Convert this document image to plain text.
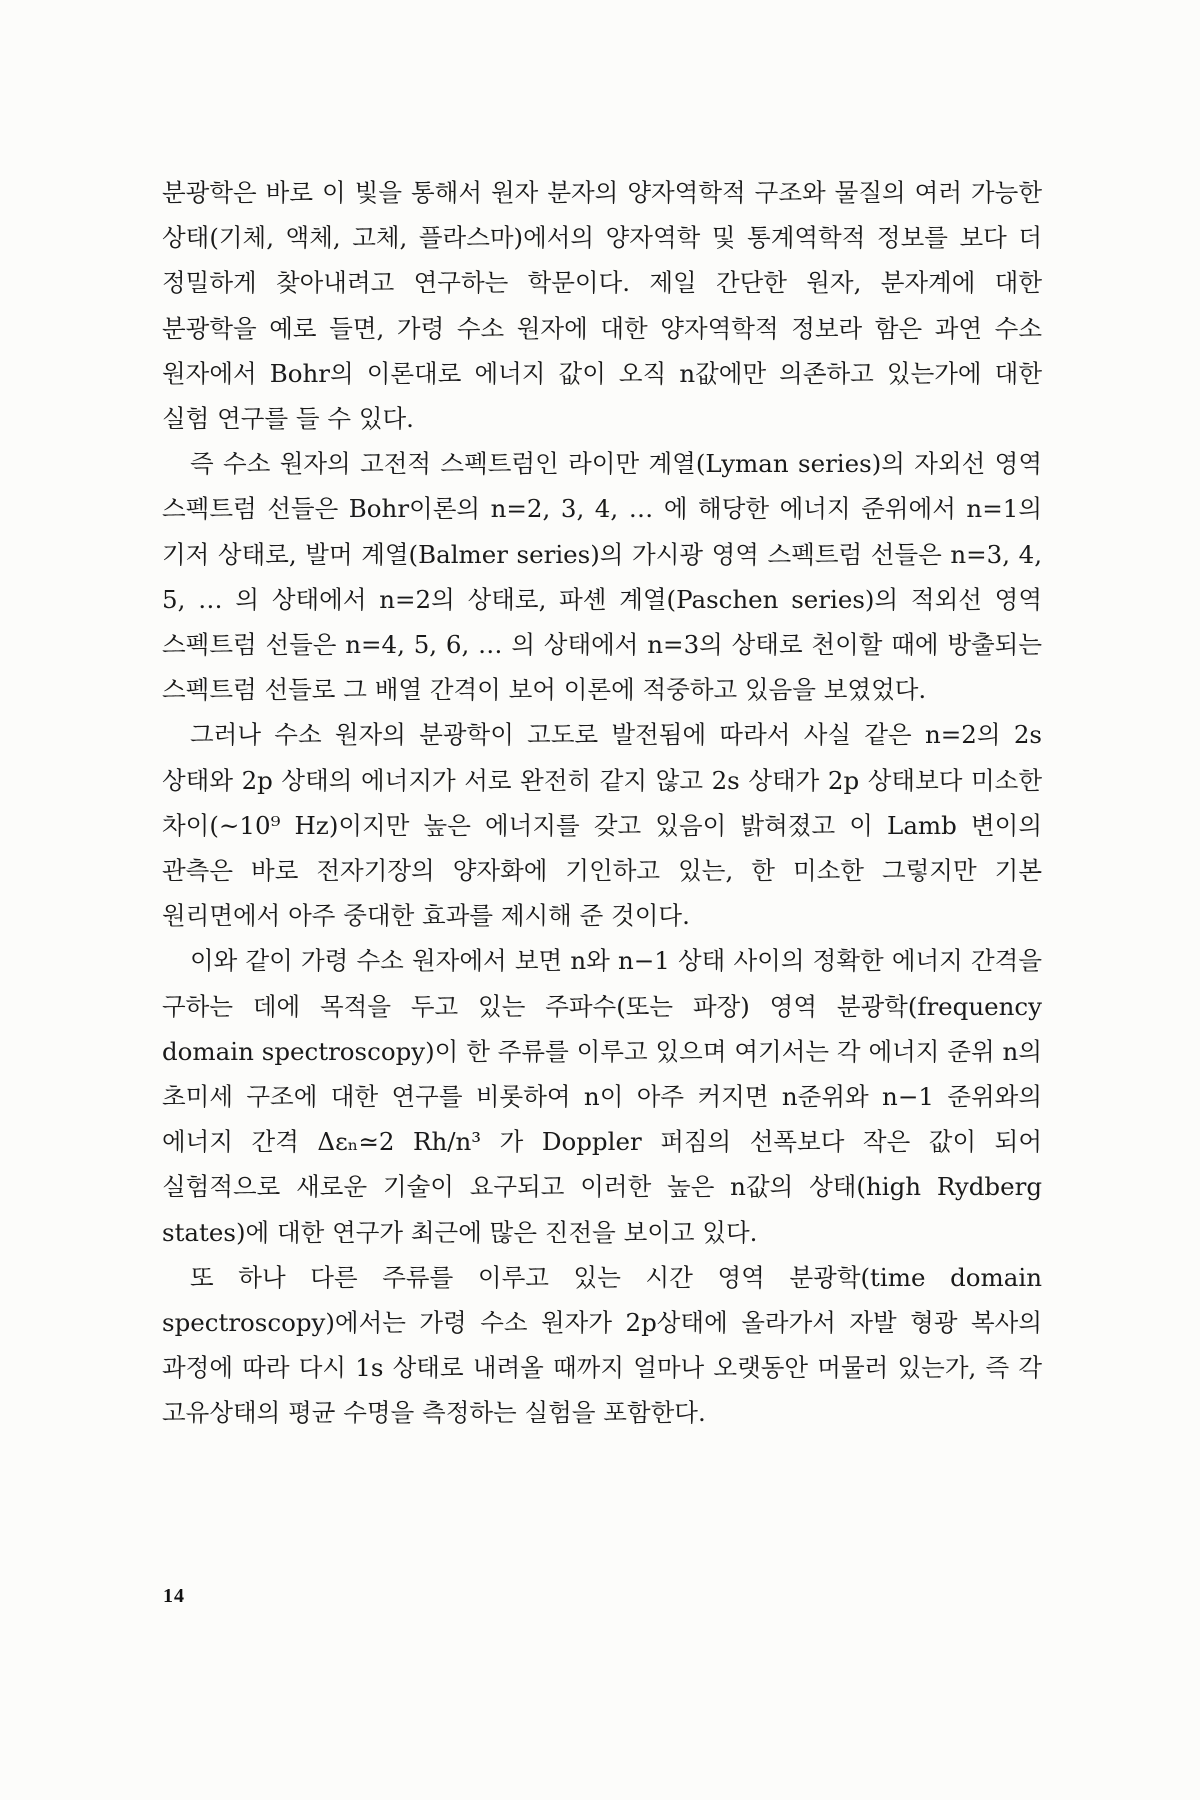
분광학은 바로 이 빛을 통해서 원자 분자의 양자역학적 구조와 물질의 여러 가능한 상태(기체, 액체, 고체, 플라스마)에서의 양자역학 및 통계역학적 정보를 보다 더 정밀하게 찾아내려고 연구하는 학문이다. 제일 간단한 원자, 분자계에 대한 분광학을 예로 들면, 가령 수소 원자에 대한 양자역학적 정보라 함은 과연 수소 원자에서 Bohr의 이론대로 에너지 값이 오직 n값에만 의존하고 있는가에 대한 실험 연구를 들 수 있다.

즉 수소 원자의 고전적 스펙트럼인 라이만 계열(Lyman series)의 자외선 영역 스펙트럼 선들은 Bohr이론의 n=2, 3, 4, … 에 해당한 에너지 준위에서 n=1의 기저 상태로, 발머 계열(Balmer series)의 가시광 영역 스펙트럼 선들은 n=3, 4, 5, … 의 상태에서 n=2의 상태로, 파셴 계열(Paschen series)의 적외선 영역 스펙트럼 선들은 n=4, 5, 6, … 의 상태에서 n=3의 상태로 천이할 때에 방출되는 스펙트럼 선들로 그 배열 간격이 보어 이론에 적중하고 있음을 보였었다.

그러나 수소 원자의 분광학이 고도로 발전됨에 따라서 사실 같은 n=2의 2s 상태와 2p 상태의 에너지가 서로 완전히 같지 않고 2s 상태가 2p 상태보다 미소한 차이(~10⁹ Hz)이지만 높은 에너지를 갖고 있음이 밝혀졌고 이 Lamb 변이의 관측은 바로 전자기장의 양자화에 기인하고 있는, 한 미소한 그렇지만 기본 원리면에서 아주 중대한 효과를 제시해 준 것이다.

이와 같이 가령 수소 원자에서 보면 n와 n−1 상태 사이의 정확한 에너지 간격을 구하는 데에 목적을 두고 있는 주파수(또는 파장) 영역 분광학(frequency domain spectroscopy)이 한 주류를 이루고 있으며 여기서는 각 에너지 준위 n의 초미세 구조에 대한 연구를 비롯하여 n이 아주 커지면 n준위와 n−1 준위와의 에너지 간격 Δεₙ≃2 Rh/n³ 가 Doppler 퍼짐의 선폭보다 작은 값이 되어 실험적으로 새로운 기술이 요구되고 이러한 높은 n값의 상태(high Rydberg states)에 대한 연구가 최근에 많은 진전을 보이고 있다.

또 하나 다른 주류를 이루고 있는 시간 영역 분광학(time domain spectroscopy)에서는 가령 수소 원자가 2p상태에 올라가서 자발 형광 복사의 과정에 따라 다시 1s 상태로 내려올 때까지 얼마나 오랫동안 머물러 있는가, 즉 각 고유상태의 평균 수명을 측정하는 실험을 포함한다.

14
